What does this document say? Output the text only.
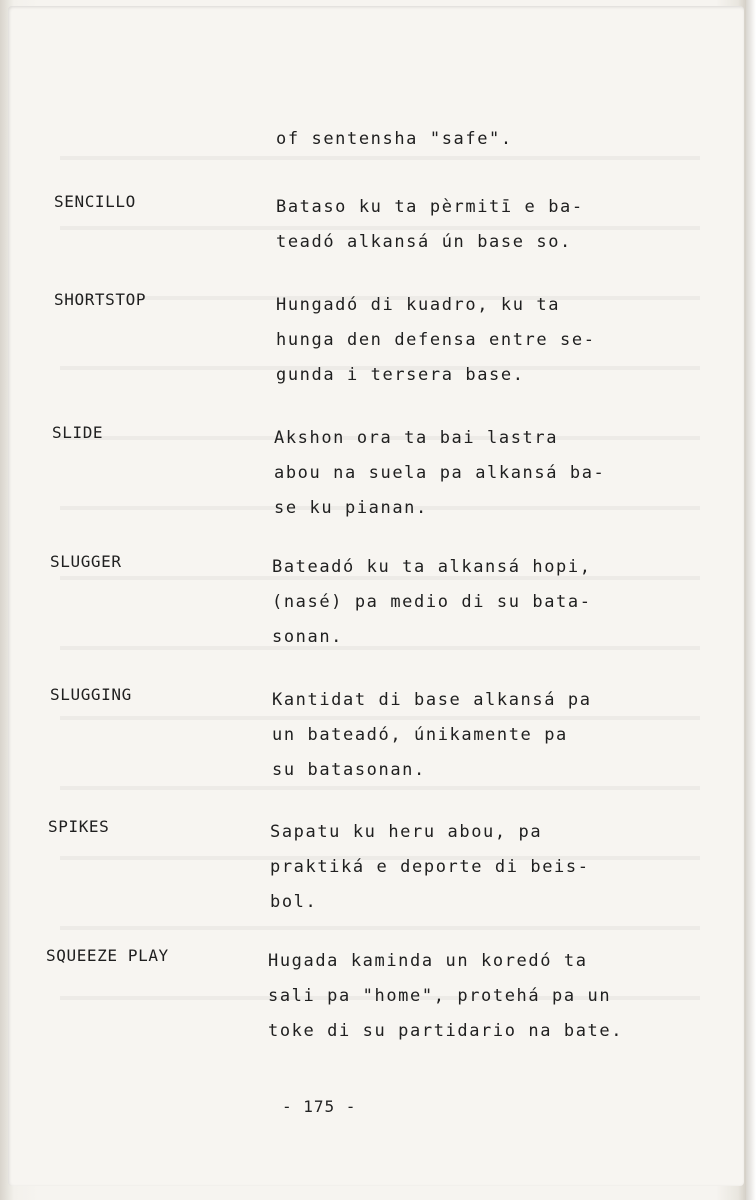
of sentensha "safe".
SENCILLO	Bataso ku ta pèrmitī e ba-
teadó alkansá ún base so.
SHORTSTOP	Hungadó di kuadro, ku ta
hunga den defensa entre se-
gunda i tersera base.
SLIDE	Akshon ora ta bai lastra
abou na suela pa alkansá ba-
se ku pianan.
SLUGGER	Bateadó ku ta alkansá hopi,
(nasé) pa medio di su bata-
sonan.
SLUGGING	Kantidat di base alkansá pa
un bateadó, únikamente pa
su batasonan.
SPIKES	Sapatu ku heru abou, pa
praktiká e deporte di beis-
bol.
SQUEEZE PLAY	Hugada kaminda un koredó ta
sali pa "home", protehá pa un
toke di su partidario na bate.
- 175 -
